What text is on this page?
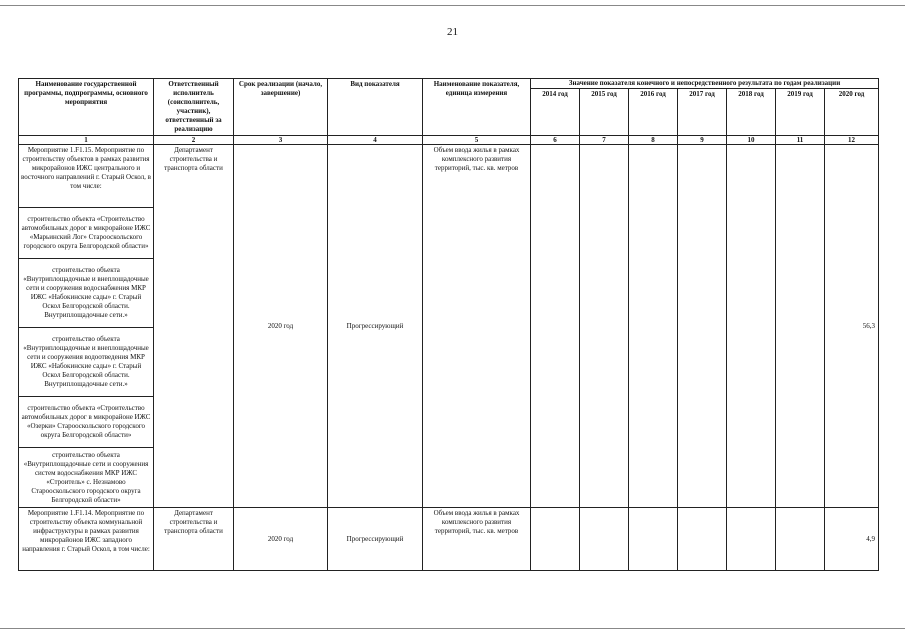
21
Наименование государственной программы, подпрограммы, основного мероприятия	Ответственный исполнитель (соисполнитель, участник), ответственный за реализацию	Срок реализации (начало, завершение)	Вид показателя	Наименование показателя, единица измерения	Значение показателя конечного и непосредственного результата по годам реализации						
					2014 год	2015 год	2016 год	2017 год	2018 год	2019 год	2020 год
1	2	3	4	5	6	7	8	9	10	11	12
Мероприятие 1.F1.15. Мероприятие по строительству объектов в рамках развития микрорайонов ИЖС центрального и восточного направлений г. Старый Оскол, в том числе:	Департамент строительства и транспорта области	2020 год	Прогрессирующий	Объем ввода жилья в рамках комплексного развития территорий, тыс. кв. метров							56,3
строительство объекта «Строительство автомобильных дорог в микрорайоне ИЖС «Марьинский Лог» Старооскольского городского округа Белгородской области»											
строительство объекта «Внутриплощадочные и внеплощадочные сети и сооружения водоснабжения МКР ИЖС «Набокинские сады» г. Старый Оскол Белгородской области. Внутриплощадочные сети.»											
строительство объекта «Внутриплощадочные и внеплощадочные сети и сооружения водоотведения МКР ИЖС «Набокинские сады» г. Старый Оскол Белгородской области. Внутриплощадочные сети.»											
строительство объекта «Строительство автомобильных дорог в микрорайоне ИЖС «Озерки» Старооскольского городского округа Белгородской области»											
строительство объекта «Внутриплощадочные сети и сооружения систем водоснабжения МКР ИЖС «Строитель» с. Незнамово Старооскольского городского округа Белгородской области»											
Мероприятие 1.F1.14. Мероприятие по строительству объекта коммунальной инфраструктуры в рамках развития микрорайонов ИЖС западного направления г. Старый Оскол, в том числе:	Департамент строительства и транспорта области	2020 год	Прогрессирующий	Объем ввода жилья в рамках комплексного развития территорий, тыс. кв. метров							4,9
